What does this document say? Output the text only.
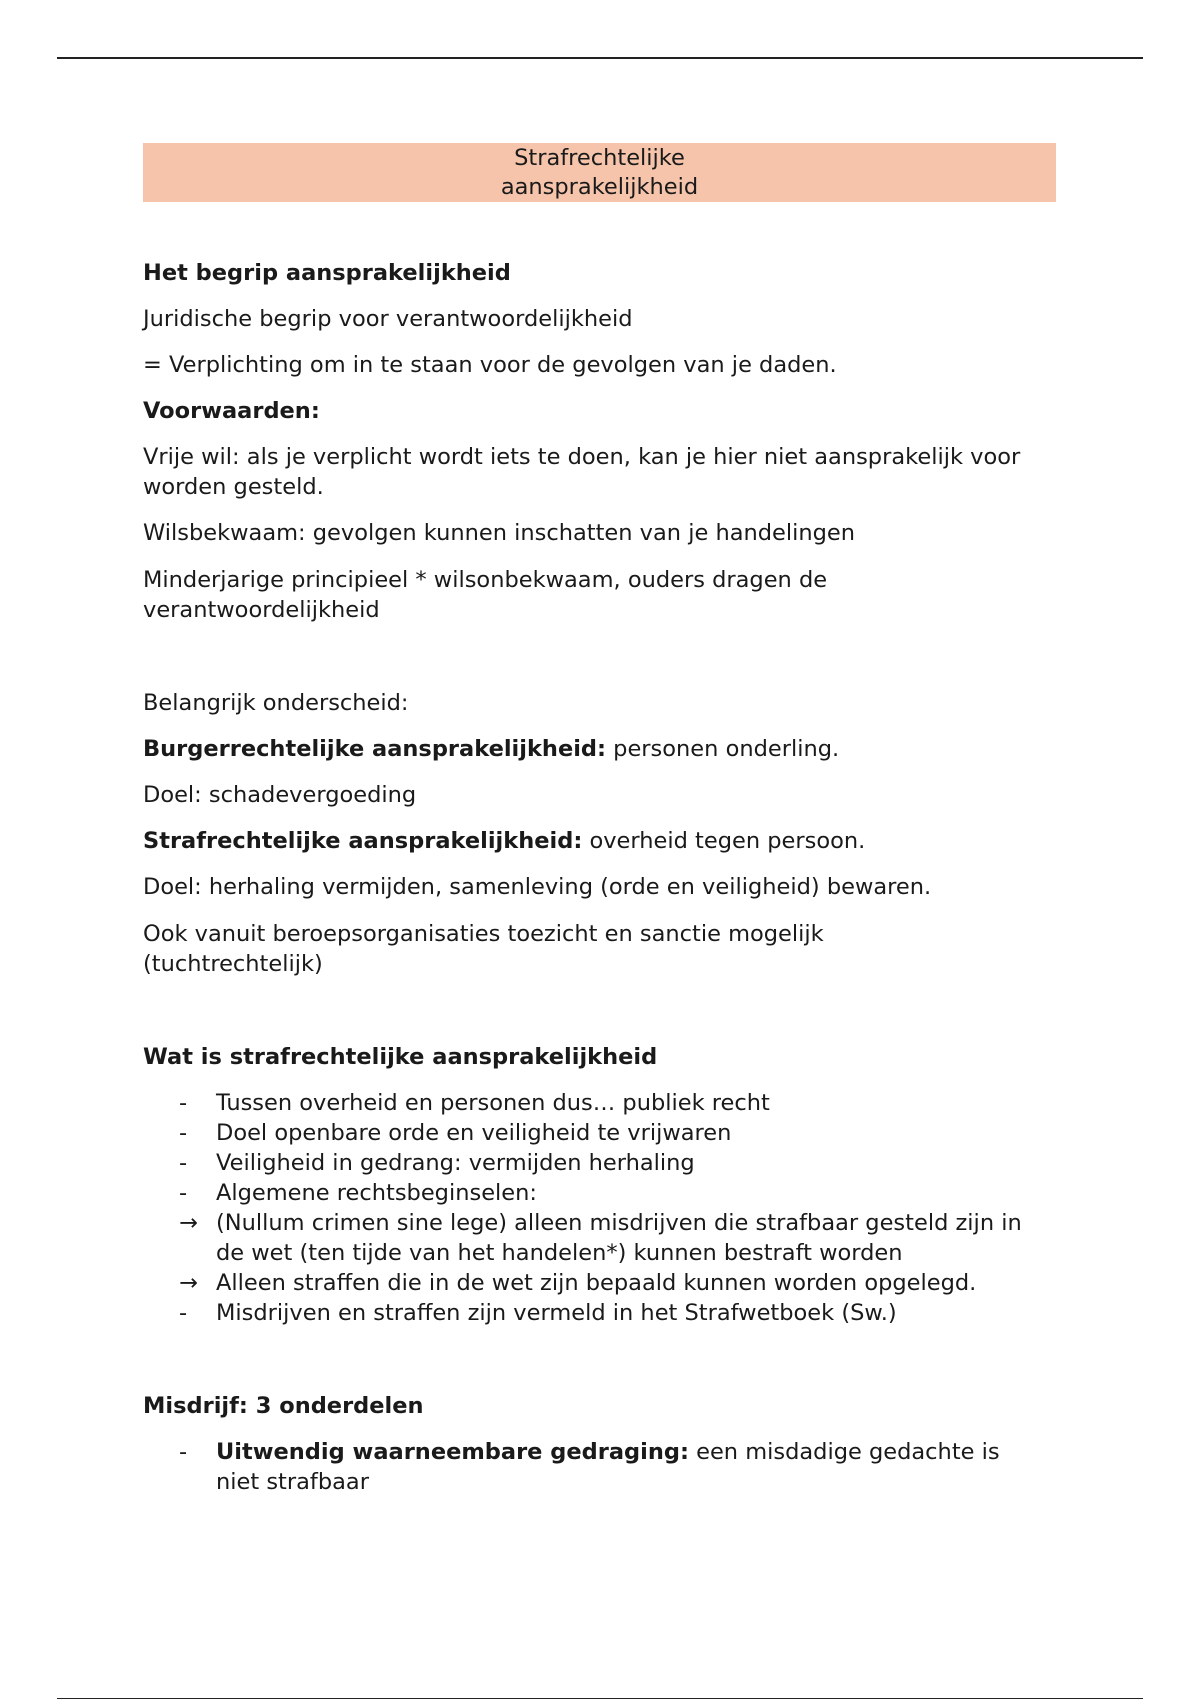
Strafrechtelijke
aansprakelijkheid

Het begrip aansprakelijkheid

Juridische begrip voor verantwoordelijkheid

= Verplichting om in te staan voor de gevolgen van je daden.

Voorwaarden:

Vrije wil: als je verplicht wordt iets te doen, kan je hier niet aansprakelijk voor worden gesteld.

Wilsbekwaam: gevolgen kunnen inschatten van je handelingen

Minderjarige principieel * wilsonbekwaam, ouders dragen de verantwoordelijkheid

Belangrijk onderscheid:

Burgerrechtelijke aansprakelijkheid: personen onderling.

Doel: schadevergoeding

Strafrechtelijke aansprakelijkheid: overheid tegen persoon.

Doel: herhaling vermijden, samenleving (orde en veiligheid) bewaren.

Ook vanuit beroepsorganisaties toezicht en sanctie mogelijk (tuchtrechtelijk)

Wat is strafrechtelijke aansprakelijkheid

- Tussen overheid en personen dus… publiek recht
- Doel openbare orde en veiligheid te vrijwaren
- Veiligheid in gedrang: vermijden herhaling
- Algemene rechtsbeginselen:
→ (Nullum crimen sine lege) alleen misdrijven die strafbaar gesteld zijn in de wet (ten tijde van het handelen*) kunnen bestraft worden
→ Alleen straffen die in de wet zijn bepaald kunnen worden opgelegd.
- Misdrijven en straffen zijn vermeld in het Strafwetboek (Sw.)

Misdrijf: 3 onderdelen

- Uitwendig waarneembare gedraging: een misdadige gedachte is niet strafbaar
